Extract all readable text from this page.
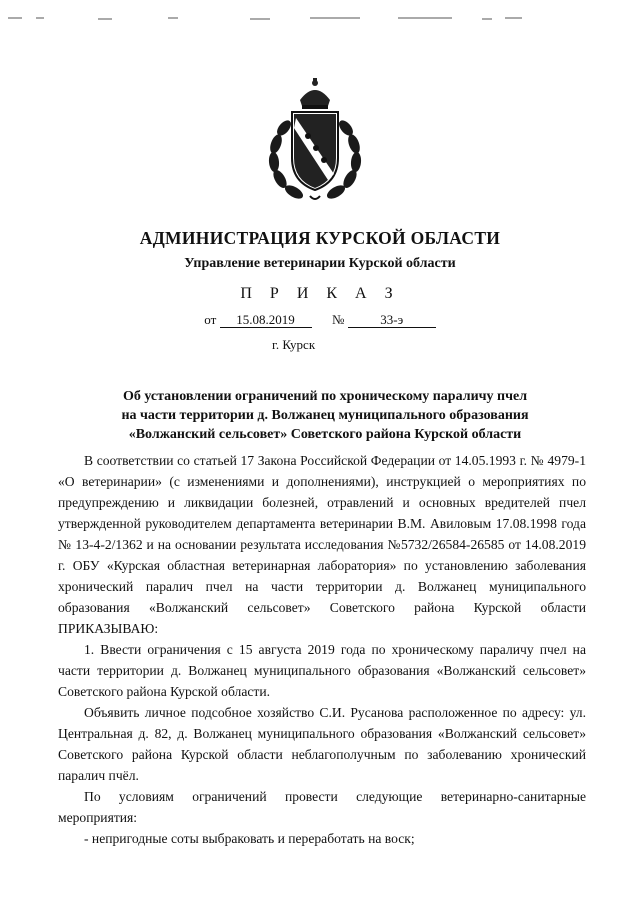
АДМИНИСТРАЦИЯ КУРСКОЙ ОБЛАСТИ
Управление ветеринарии Курской области
П Р И К А З
от 15.08.2019	№	33-э
г. Курск
Об установлении ограничений по хроническому параличу пчел
на части территории д. Волжанец муниципального образования
«Волжанский сельсовет» Советского района Курской области

В соответствии со статьей 17 Закона Российской Федерации от 14.05.1993 г. № 4979-1 «О ветеринарии» (с изменениями и дополнениями), инструкцией о мероприятиях по предупреждению и ликвидации болезней, отравлений и основных вредителей пчел утвержденной руководителем департамента ветеринарии В.М. Авиловым 17.08.1998 года № 13-4-2/1362 и на основании результата исследования №5732/26584-26585 от 14.08.2019 г. ОБУ «Курская областная ветеринарная лаборатория» по установлению заболевания хронический паралич пчел на части территории д. Волжанец муниципального образования «Волжанский сельсовет» Советского района Курской области ПРИКАЗЫВАЮ:

1. Ввести ограничения с 15 августа 2019 года по хроническому параличу пчел на части территории д. Волжанец муниципального образования «Волжанский сельсовет» Советского района Курской области.

Объявить личное подсобное хозяйство С.И. Русанова расположенное по адресу: ул. Центральная д. 82, д. Волжанец муниципального образования «Волжанский сельсовет» Советского района Курской области неблагополучным по заболеванию хронический паралич пчёл.

По условиям ограничений провести следующие ветеринарно-санитарные мероприятия:

- непригодные соты выбраковать и переработать на воск;
